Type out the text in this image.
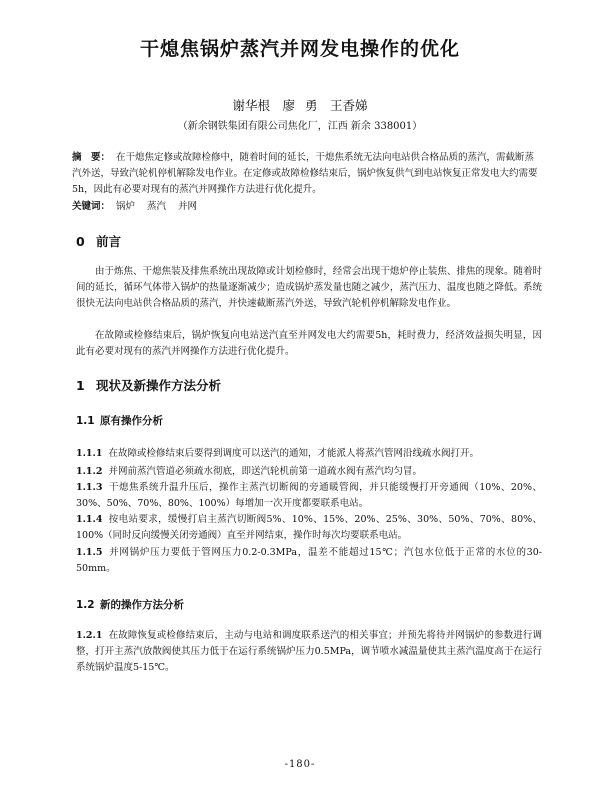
干熄焦锅炉蒸汽并网发电操作的优化
谢华根　廖 勇　王香娣
（新余钢铁集团有限公司焦化厂，江西 新余 338001）
摘　要： 在干熄焦定修或故障检修中，随着时间的延长，干熄焦系统无法向电站供合格品质的蒸汽，需截断蒸汽外送，导致汽轮机停机解除发电作业。在定修或故障检修结束后，锅炉恢复供气到电站恢复正常发电大约需要5h，因此有必要对现有的蒸汽并网操作方法进行优化提升。
关键词： 锅炉 蒸汽 并网
0 前言
由于炼焦、干熄焦装及排焦系统出现故障或计划检修时，经常会出现干熄炉停止装焦、排焦的现象。随着时间的延长，循环气体带入锅炉的热量逐渐减少；造成锅炉蒸发量也随之减少，蒸汽压力、温度也随之降低。系统很快无法向电站供合格品质的蒸汽，并快速截断蒸汽外送，导致汽轮机停机解除发电作业。
在故障或检修结束后，锅炉恢复向电站送汽直至并网发电大约需要5h，耗时费力，经济效益损失明显，因此有必要对现有的蒸汽并网操作方法进行优化提升。
1 现状及新操作方法分析
1.1 原有操作分析
1.1.1 在故障或检修结束后要得到调度可以送汽的通知，才能派人将蒸汽管网沿线疏水阀打开。
1.1.2 并网前蒸汽管道必须疏水彻底，即送汽轮机前第一道疏水阀有蒸汽均匀冒。
1.1.3 干熄焦系统升温升压后，操作主蒸汽切断阀的旁通暖管阀，并只能缓慢打开旁通阀（10%、20%、30%、50%、70%、80%、100%）每增加一次开度都要联系电站。
1.1.4 按电站要求，缓慢打启主蒸汽切断阀5%、10%、15%、20%、25%、30%、50%、70%、80%、100%（同时反向缓慢关闭旁通阀）直至并网结束，操作时每次均要联系电站。
1.1.5 并网锅炉压力要低于管网压力0.2-0.3MPa，温差不能超过15℃；汽包水位低于正常的水位的30-50mm。
1.2 新的操作方法分析
1.2.1 在故障恢复或检修结束后，主动与电站和调度联系送汽的相关事宜；并预先将待并网锅炉的参数进行调整，打开主蒸汽放散阀使其压力低于在运行系统锅炉压力0.5MPa，调节喷水减温量使其主蒸汽温度高于在运行系统锅炉温度5-15℃。
-180-
